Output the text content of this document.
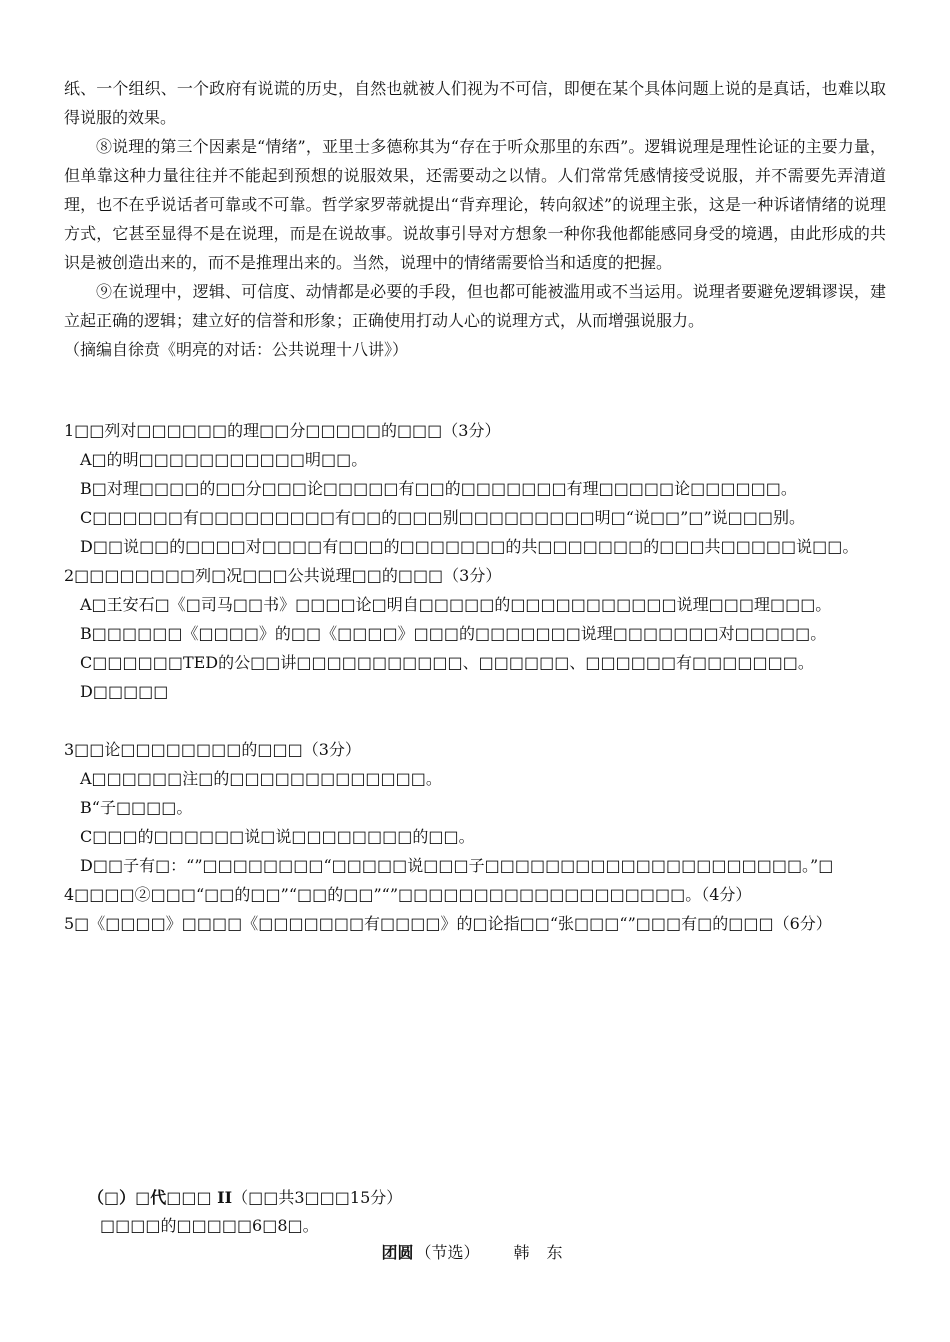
纸、一个组织、一个政府有说谎的历史，自然也就被人们视为不可信，即便在某个具体问题上说的是真话，也难以取得说服的效果。

⑧说理的第三个因素是“情绪”，亚里士多德称其为“存在于听众那里的东西”。逻辑说理是理性论证的主要力量，但单靠这种力量往往并不能起到预想的说服效果，还需要动之以情。人们常常凭感情接受说服，并不需要先弄清道理，也不在乎说话者可靠或不可靠。哲学家罗蒂就提出“背弃理论，转向叙述”的说理主张，这是一种诉诸情绪的说理方式，它甚至显得不是在说理，而是在说故事。说故事引导对方想象一种你我他都能感同身受的境遇，由此形成的共识是被创造出来的，而不是推理出来的。当然，说理中的情绪需要恰当和适度的把握。

⑨在说理中，逻辑、可信度、动情都是必要的手段，但也都可能被滥用或不当运用。说理者要避免逻辑谬误，建立起正确的逻辑；建立好的信誉和形象；正确使用打动人心的说理方式，从而增强说服力。

（摘编自徐贲《明亮的对话：公共说理十八讲》）

1□□列对□□□□□□的理□□分□□□□□的□□□（3分）

A□的明□□□□□□□□□□□明□□。

B□对理□□□□的□□分□□□论□□□□□有□□的□□□□□□□有理□□□□□论□□□□□□。

C□□□□□□有□□□□□□□□□有□□的□□□别□□□□□□□□□明□“说□□”□”说□□□别。

D□□说□□的□□□□对□□□□有□□□的□□□□□□□的共□□□□□□□的□□□共□□□□□说□□。

2□□□□□□□□列□况□□□公共说理□□的□□□（3分）

A□王安石□《□司马□□书》□□□□论□明自□□□□□的□□□□□□□□□□□说理□□□理□□□。

B□□□□□□《□□□□》的□□《□□□□》□□□的□□□□□□□说理□□□□□□□对□□□□□。

C□□□□□□TED的公□□讲□□□□□□□□□□□、□□□□□□、□□□□□□有□□□□□□□。

D□□□□□

3□□论□□□□□□□□的□□□（3分）

A□□□□□□注□的□□□□□□□□□□□□□。

B“子□□□□。

C□□□的□□□□□□说□说□□□□□□□□的□□。

D□□子有□：“”□□□□□□□□“□□□□□说□□□子□□□□□□□□□□□□□□□□□□□□□。”□

4□□□□②□□□“□□的□□”“□□的□□”“”□□□□□□□□□□□□□□□□□□□。（4分）

5□《□□□□》□□□□《□□□□□□□有□□□□》的□论指□□“张□□□“”□□□有□的□□□（6分）

（□）□代□□□ II（□□共3□□□15分）
□□□□的□□□□□6□8□。
团圆 （节选） 韩 东
